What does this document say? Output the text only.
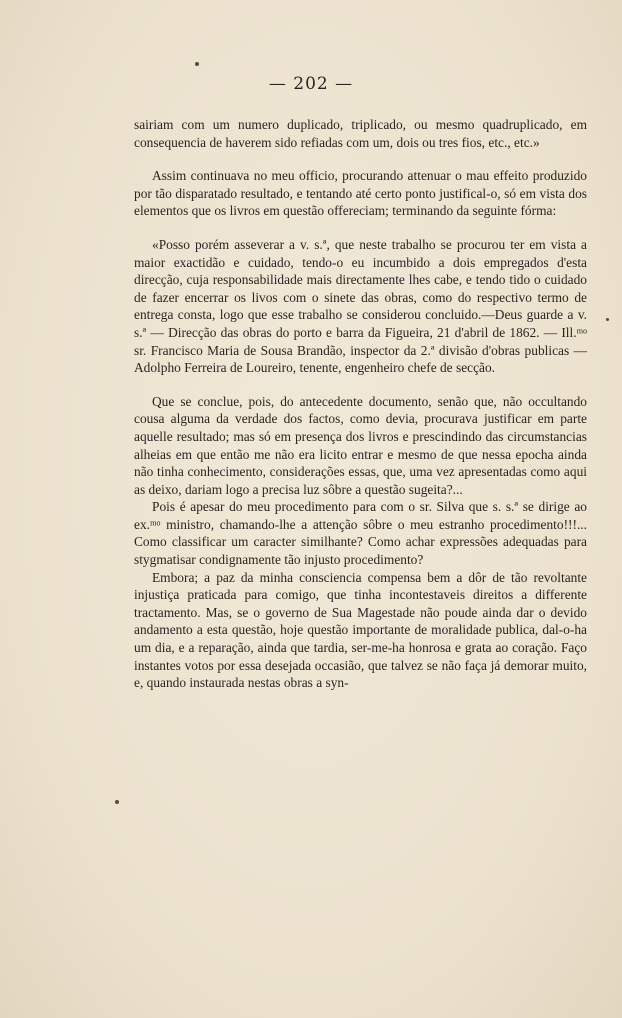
— 202 —

sairiam com um numero duplicado, triplicado, ou mesmo quadruplicado, em consequencia de haverem sido refiadas com um, dois ou tres fios, etc., etc.»

Assim continuava no meu officio, procurando attenuar o mau effeito produzido por tão disparatado resultado, e tentando até certo ponto justifical-o, só em vista dos elementos que os livros em questão offereciam; terminando da seguinte fórma:

«Posso porém asseverar a v. s.ª, que neste trabalho se procurou ter em vista a maior exactidão e cuidado, tendo-o eu incumbido a dois empregados d'esta direcção, cuja responsabilidade mais directamente lhes cabe, e tendo tido o cuidado de fazer encerrar os livos com o sinete das obras, como do respectivo termo de entrega consta, logo que esse trabalho se considerou concluido.—Deus guarde a v. s.ª — Direcção das obras do porto e barra da Figueira, 21 d'abril de 1862. — Ill.ᵐᵒ sr. Francisco Maria de Sousa Brandão, inspector da 2.ª divisão d'obras publicas — Adolpho Ferreira de Loureiro, tenente, engenheiro chefe de secção.

Que se conclue, pois, do antecedente documento, senão que, não occultando cousa alguma da verdade dos factos, como devia, procurava justificar em parte aquelle resultado; mas só em presença dos livros e prescindindo das circumstancias alheias em que então me não era licito entrar e mesmo de que nessa epocha ainda não tinha conhecimento, considerações essas, que, uma vez apresentadas como aqui as deixo, dariam logo a precisa luz sôbre a questão sugeita?...

Pois é apesar do meu procedimento para com o sr. Silva que s. s.ª se dirige ao ex.ᵐᵒ ministro, chamando-lhe a attenção sôbre o meu estranho procedimento!!!... Como classificar um caracter similhante? Como achar expressões adequadas para stygmatisar condignamente tão injusto procedimento?

Embora; a paz da minha consciencia compensa bem a dôr de tão revoltante injustiça praticada para comigo, que tinha incontestaveis direitos a differente tractamento. Mas, se o governo de Sua Magestade não poude ainda dar o devido andamento a esta questão, hoje questão importante de moralidade publica, dal-o-ha um dia, e a reparação, ainda que tardia, ser-me-ha honrosa e grata ao coração. Faço instantes votos por essa desejada occasião, que talvez se não faça já demorar muito, e, quando instaurada nestas obras a syn-
